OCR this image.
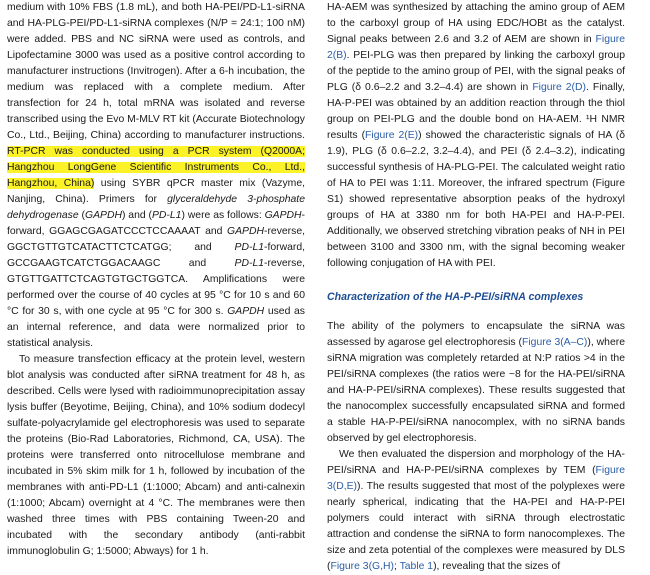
medium with 10% FBS (1.8 mL), and both HA-PEI/PD-L1-siRNA and HA-PLG-PEI/PD-L1-siRNA complexes (N/P = 24:1; 100 nM) were added. PBS and NC siRNA were used as controls, and Lipofectamine 3000 was used as a positive control according to manufacturer instructions (Invitrogen). After a 6-h incubation, the medium was replaced with a complete medium. After transfection for 24 h, total mRNA was isolated and reverse transcribed using the Evo M-MLV RT kit (Accurate Biotechnology Co., Ltd., Beijing, China) according to manufacturer instructions. RT-PCR was conducted using a PCR system (Q2000A; Hangzhou LongGene Scientific Instruments Co., Ltd., Hangzhou, China) using SYBR qPCR master mix (Vazyme, Nanjing, China). Primers for glyceraldehyde 3-phosphate dehydrogenase (GAPDH) and (PD-L1) were as follows: GAPDH-forward, GGAGCGAGATCCCTCCAAAAT and GAPDH-reverse, GGCTGTTGTCATACTTCTCATGG; and PD-L1-forward, GCCGAAGTCATCTGGACAAGC and PD-L1-reverse, GTGTTGATTCTCAGTGTGCTGGTCA. Amplifications were performed over the course of 40 cycles at 95 °C for 10 s and 60 °C for 30 s, with one cycle at 95 °C for 300 s. GAPDH used as an internal reference, and data were normalized prior to statistical analysis.

To measure transfection efficacy at the protein level, western blot analysis was conducted after siRNA treatment for 48 h, as described. Cells were lysed with radioimmunoprecipitation assay lysis buffer (Beyotime, Beijing, China), and 10% sodium dodecyl sulfate-polyacrylamide gel electrophoresis was used to separate the proteins (Bio-Rad Laboratories, Richmond, CA, USA). The proteins were transferred onto nitrocellulose membrane and incubated in 5% skim milk for 1 h, followed by incubation of the membranes with anti-PD-L1 (1:1000; Abcam) and anti-calnexin (1:1000; Abcam) overnight at 4 °C. The membranes were then washed three times with PBS containing Tween-20 and incubated with the secondary antibody (anti-rabbit immunoglobulin G; 1:5000; Abways) for 1 h.

HA-AEM was synthesized by attaching the amino group of AEM to the carboxyl group of HA using EDC/HOBt as the catalyst. Signal peaks between 2.6 and 3.2 of AEM are shown in Figure 2(B). PEI-PLG was then prepared by linking the carboxyl group of the peptide to the amino group of PEI, with the signal peaks of PLG (δ 0.6–2.2 and 3.2–4.4) are shown in Figure 2(D). Finally, HA-P-PEI was obtained by an addition reaction through the thiol group on PEI-PLG and the double bond on HA-AEM. ¹H NMR results (Figure 2(E)) showed the characteristic signals of HA (δ 1.9), PLG (δ 0.6–2.2, 3.2–4.4), and PEI (δ 2.4–3.2), indicating successful synthesis of HA-PLG-PEI. The calculated weight ratio of HA to PEI was 1:11. Moreover, the infrared spectrum (Figure S1) showed representative absorption peaks of the hydroxyl groups of HA at 3380 nm for both HA-PEI and HA-P-PEI. Additionally, we observed stretching vibration peaks of NH in PEI between 3100 and 3300 nm, with the signal becoming weaker following conjugation of HA with PEI.

Characterization of the HA-P-PEI/siRNA complexes

The ability of the polymers to encapsulate the siRNA was assessed by agarose gel electrophoresis (Figure 3(A–C)), where siRNA migration was completely retarded at N:P ratios >4 in the PEI/siRNA complexes (the ratios were ~8 for the HA-PEI/siRNA and HA-P-PEI/siRNA complexes). These results suggested that the nanocomplex successfully encapsulated siRNA and formed a stable HA-P-PEI/siRNA nanocomplex, with no siRNA bands observed by gel electrophoresis.

We then evaluated the dispersion and morphology of the HA-PEI/siRNA and HA-P-PEI/siRNA complexes by TEM (Figure 3(D,E)). The results suggested that most of the polyplexes were nearly spherical, indicating that the HA-PEI and HA-P-PEI polymers could interact with siRNA through electrostatic attraction and condense the siRNA to form nanocomplexes. The size and zeta potential of the complexes were measured by DLS (Figure 3(G,H); Table 1), revealing that the sizes of
